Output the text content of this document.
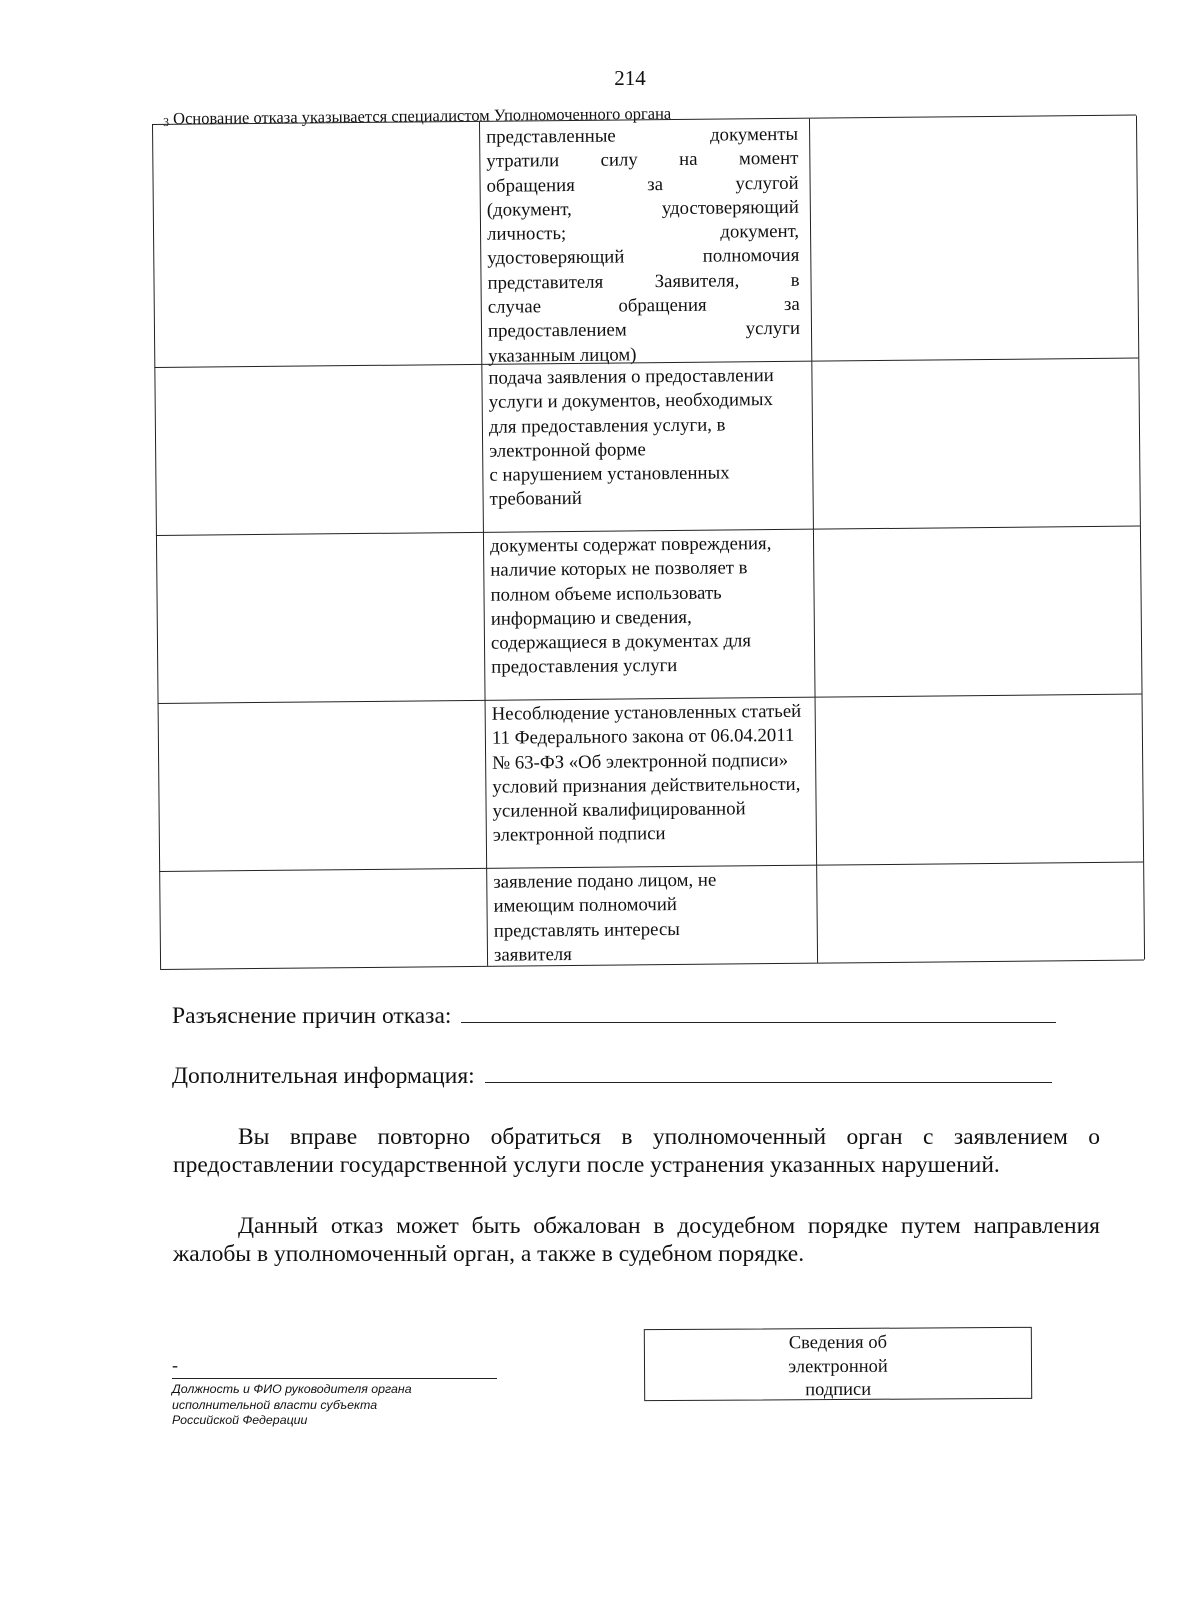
214
$^3$ Основание отказа указывается специалистом Уполномоченного органа
представленные документы
утратили силу на момент
обращения за услугой
(документ, удостоверяющий
личность; документ,
удостоверяющий полномочия
представителя Заявителя, в
случае обращения за
предоставлением услуги
указанным лицом)
подача заявления о предоставлении услуги и документов, необходимых для предоставления услуги, в электронной форме
с нарушением установленных требований
документы содержат повреждения, наличие которых не позволяет в полном объеме использовать информацию и сведения, содержащиеся в документах для предоставления услуги
Несоблюдение установленных статьей 11 Федерального закона от 06.04.2011 № 63-ФЗ «Об электронной подписи» условий признания действительности, усиленной квалифицированной электронной подписи
заявление подано лицом, не имеющим полномочий представлять интересы заявителя
Разъяснение причин отказа:
Дополнительная информация:
Вы вправе повторно обратиться в уполномоченный орган с заявлением о предоставлении государственной услуги после устранения указанных нарушений.
Данный отказ может быть обжалован в досудебном порядке путем направления жалобы в уполномоченный орган, а также в судебном порядке.
-
Должность и ФИО руководителя органа
исполнительной власти субъекта
Российской Федерации
Сведения об
электронной
подписи
